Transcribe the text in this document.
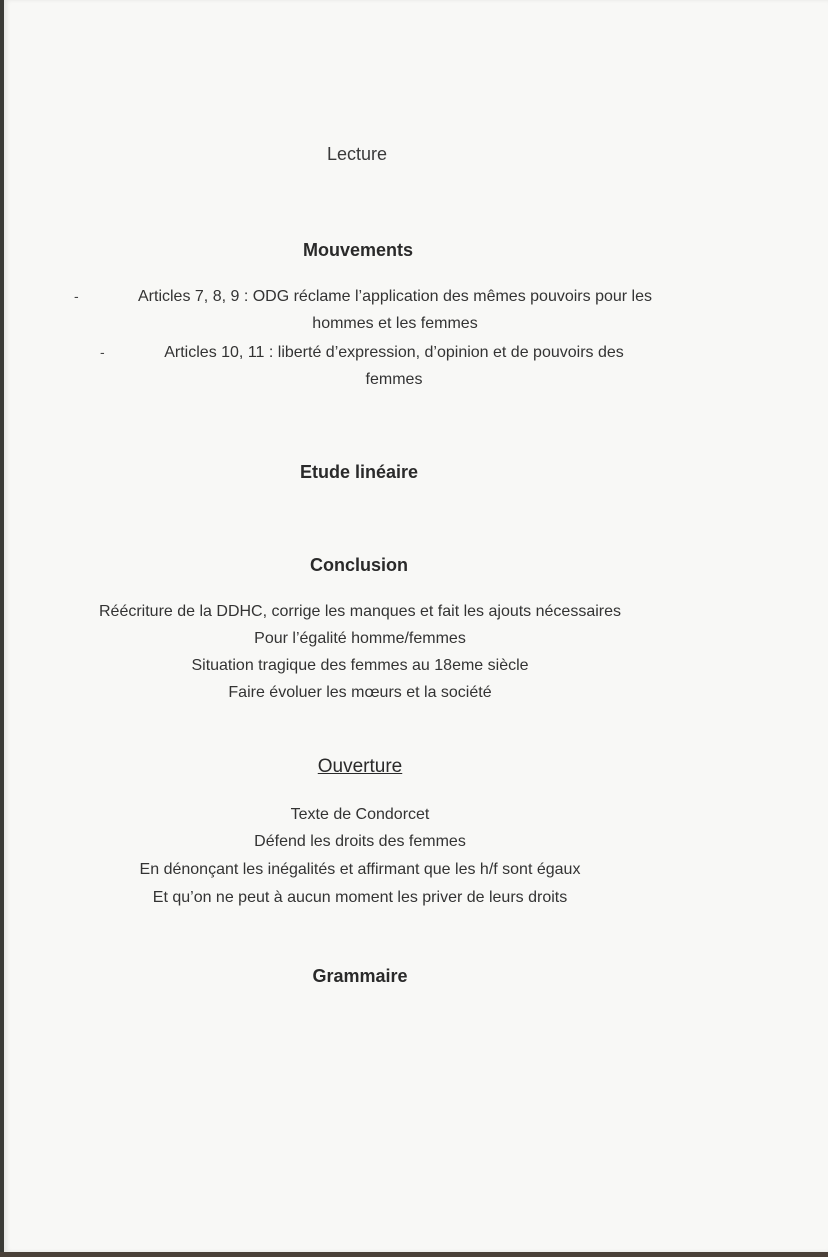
Lecture
Mouvements
-	Articles 7, 8, 9 : ODG réclame l’application des mêmes pouvoirs pour les
hommes et les femmes
-	Articles 10, 11 : liberté d’expression, d’opinion et de pouvoirs des
femmes
Etude linéaire
Conclusion
Réécriture de la DDHC, corrige les manques et fait les ajouts nécessaires
Pour l’égalité homme/femmes
Situation tragique des femmes au 18eme siècle
Faire évoluer les mœurs et la société
Ouverture
Texte de Condorcet
Défend les droits des femmes
En dénonçant les inégalités et affirmant que les h/f sont égaux
Et qu’on ne peut à aucun moment les priver de leurs droits
Grammaire
